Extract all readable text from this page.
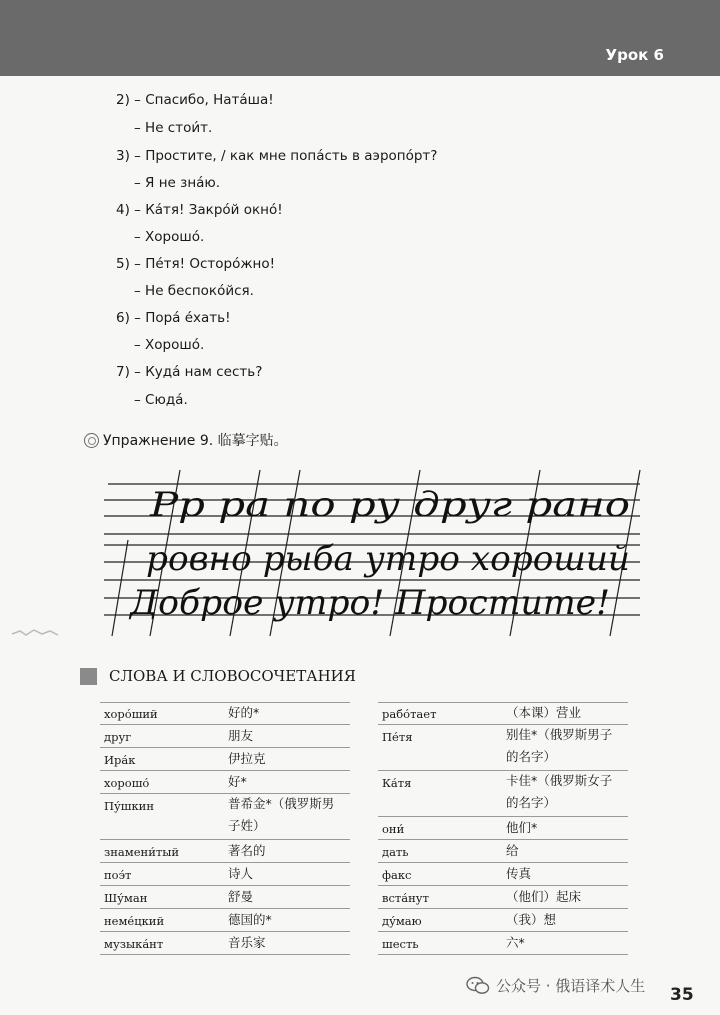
Урок 6
2) – Спасибо, Ната́ша!
– Не стои́т.
3) – Простите, / как мне попа́сть в аэропо́рт?
– Я не зна́ю.
4) – Ка́тя! Закро́й окно́!
– Хорошо́.
5) – Пе́тя! Осторо́жно!
– Не беспоко́йся.
6) – Пора́ е́хать!
– Хорошо́.
7) – Куда́ нам сесть?
– Сюда́.
Упражнение 9. 临摹字贴。
Рр ра по ру друг рано
ровно рыба утро хороший
Доброе утро! Простите!
СЛОВА И СЛОВОСОЧЕТАНИЯ
хоро́ший	好的*
друг	朋友
Ира́к	伊拉克
хорошо́	好*
Пу́шкин	普希金*（俄罗斯男子姓）
знамени́тый	著名的
поэ́т	诗人
Шу́ман	舒曼
неме́цкий	德国的*
музыка́нт	音乐家
рабо́тает	（本课）营业
Пе́тя	别佳*（俄罗斯男子的名字）
Ка́тя	卡佳*（俄罗斯女子的名字）
они́	他们*
дать	给
факс	传真
вста́нут	（他们）起床
ду́маю	（我）想
шесть	六*
公众号 · 俄语译术人生 35
